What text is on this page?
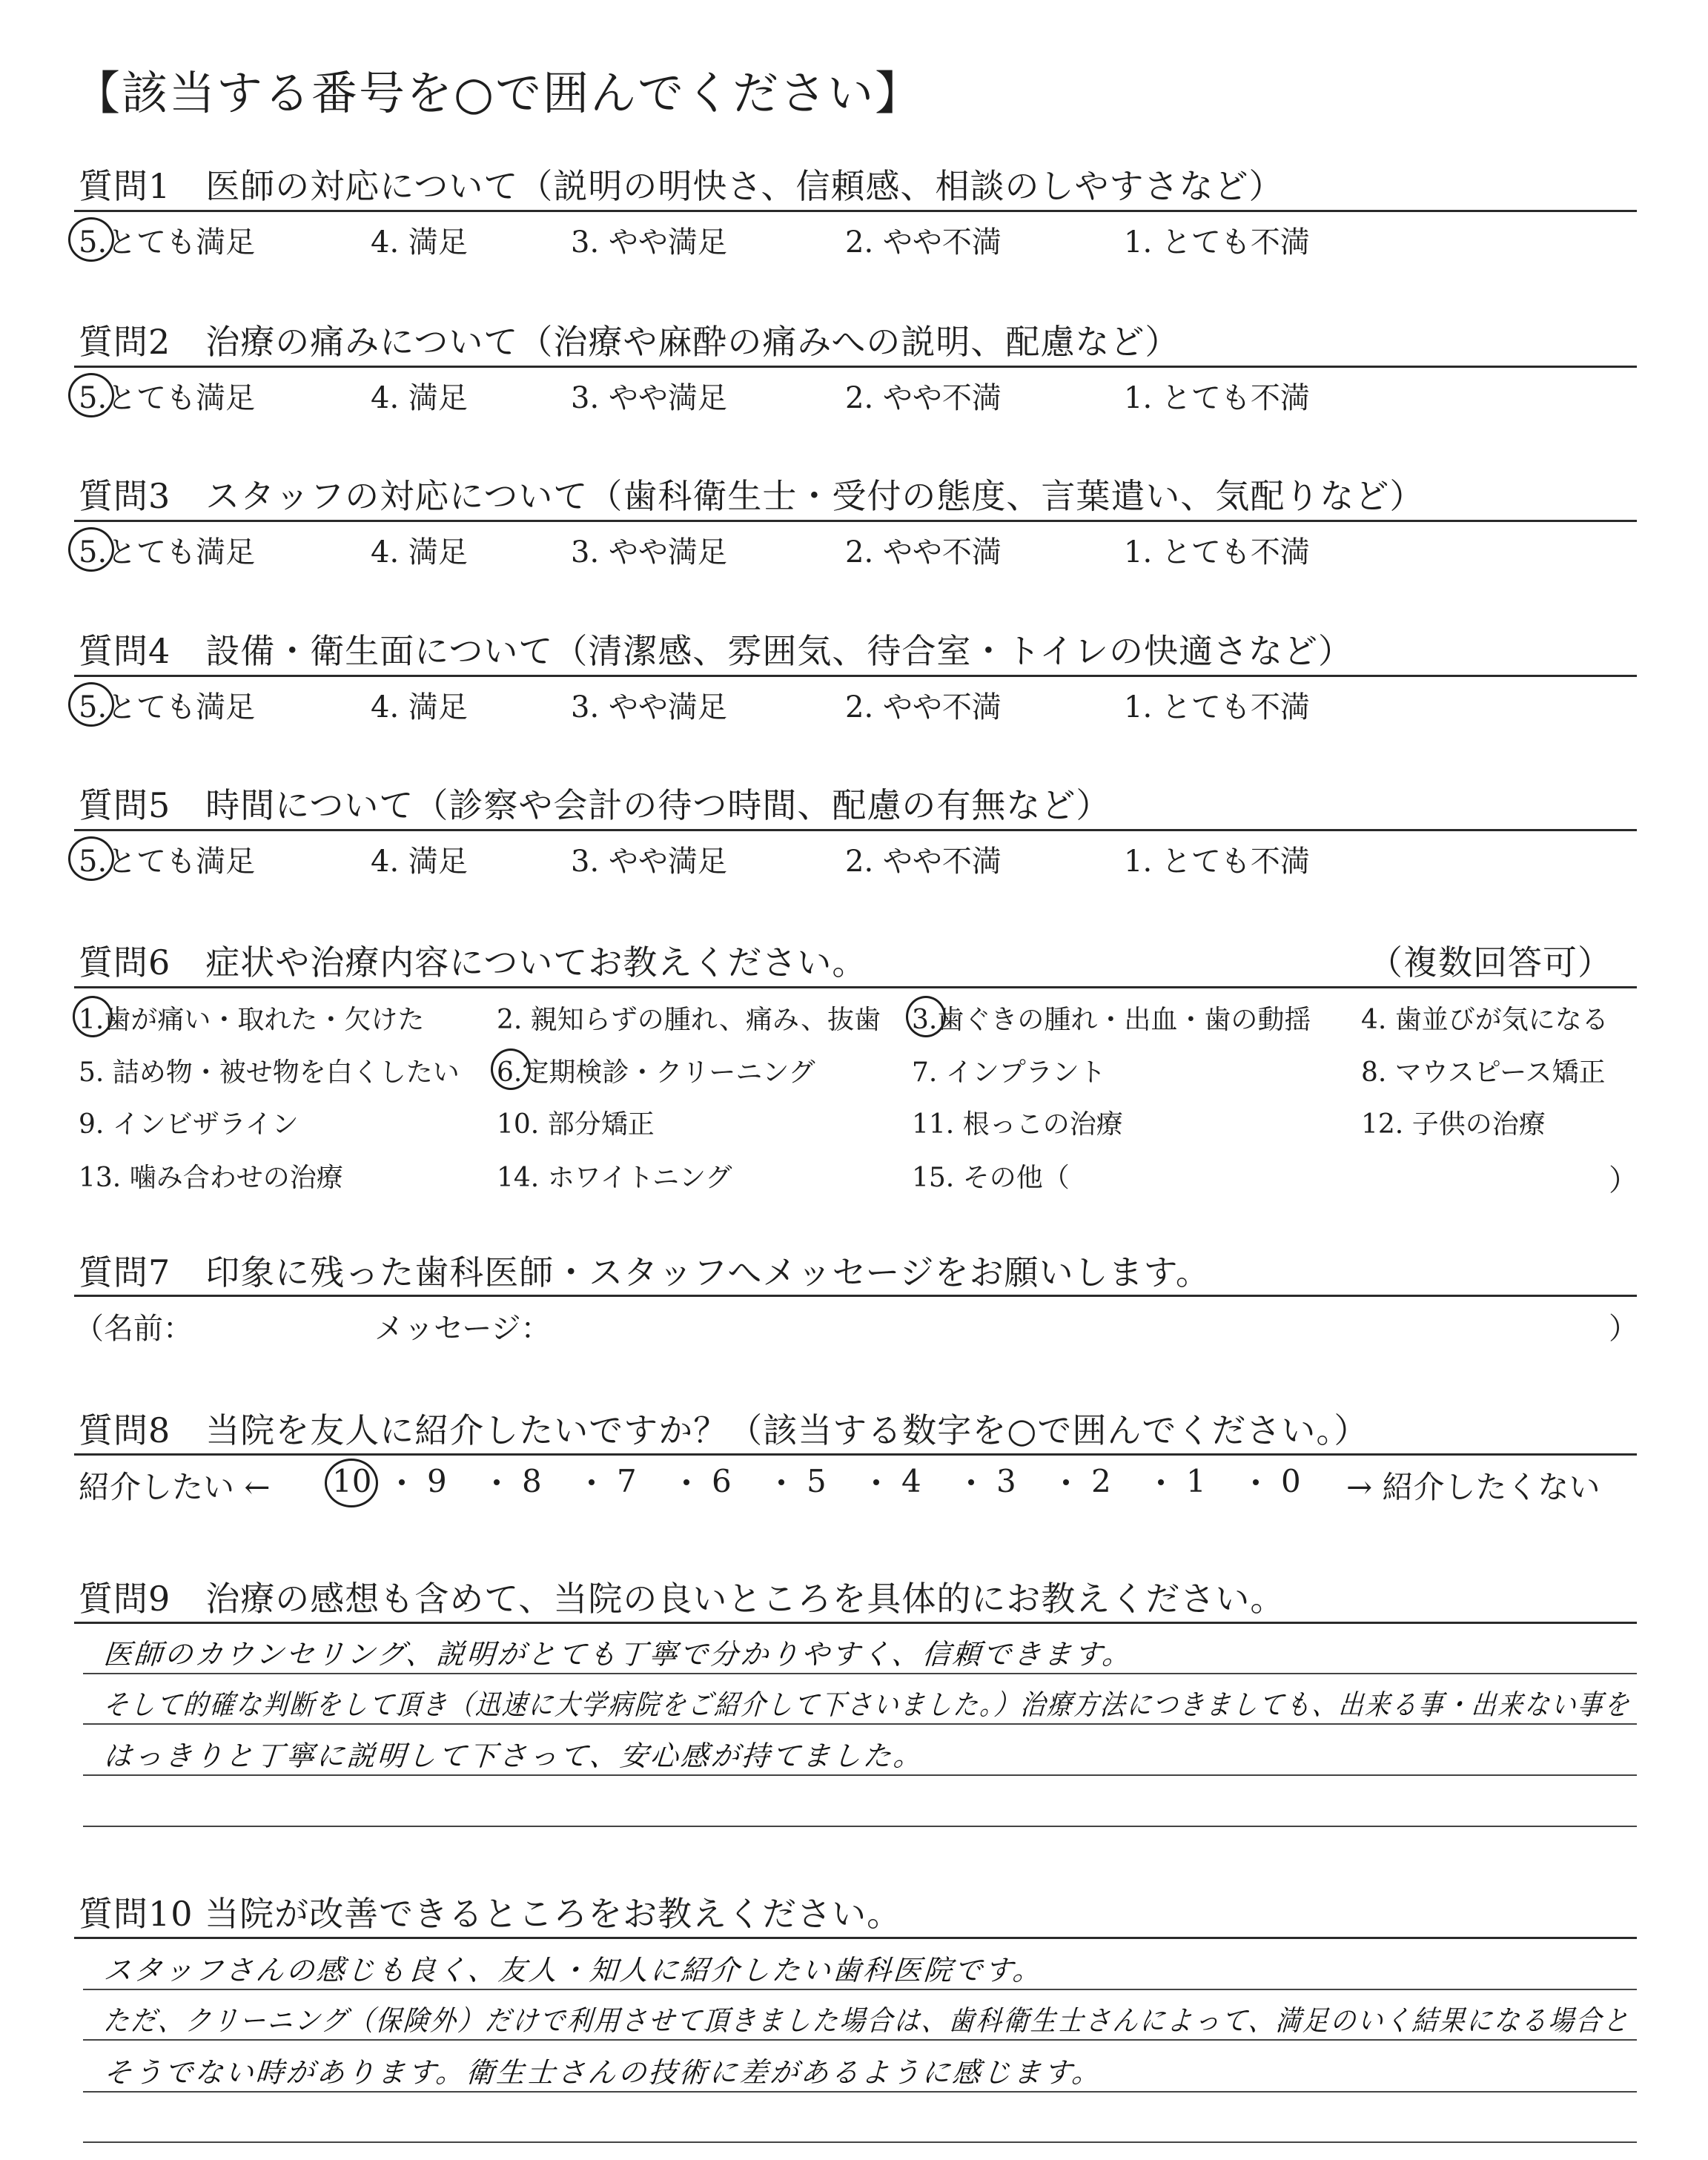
【該当する番号を○で囲んでください】
質問6　症状や治療内容についてお教えください。	（複数回答可）
）
質問7　印象に残った歯科医師・スタッフへメッセージをお願いします。
（名前：	メッセージ：	）
質問8　当院を友人に紹介したいですか？（該当する数字を○で囲んでください。）
紹介したい ←	→ 紹介したくない
質問9　治療の感想も含めて、当院の良いところを具体的にお教えください。
質問10 当院が改善できるところをお教えください。
質問1　医師の対応について（説明の明快さ、信頼感、相談のしやすさなど）
5.とても満足	4. 満足	3. やや満足	2. やや不満	1. とても不満
質問2　治療の痛みについて（治療や麻酔の痛みへの説明、配慮など）
5.とても満足	4. 満足	3. やや満足	2. やや不満	1. とても不満
質問3　スタッフの対応について（歯科衛生士・受付の態度、言葉遣い、気配りなど）
5.とても満足	4. 満足	3. やや満足	2. やや不満	1. とても不満
質問4　設備・衛生面について（清潔感、雰囲気、待合室・トイレの快適さなど）
5.とても満足	4. 満足	3. やや満足	2. やや不満	1. とても不満
質問5　時間について（診察や会計の待つ時間、配慮の有無など）
5.とても満足	4. 満足	3. やや満足	2. やや不満	1. とても不満
1.歯が痛い・取れた・欠けた	2. 親知らずの腫れ、痛み、抜歯 3.歯ぐきの腫れ・出血・歯の動揺 4. 歯並びが気になる
5. 詰め物・被せ物を白くしたい 6.定期検診・クリーニング	7. インプラント	8. マウスピース矯正
9. インビザライン	10. 部分矯正	11. 根っこの治療	12. 子供の治療
13. 噛み合わせの治療	14. ホワイトニング	15. その他（
10 9 8 7 6 5 4 3 2 1 0
医師のカウンセリング、説明がとても丁寧で分かりやすく、信頼できます。
そして的確な判断をして頂き（迅速に大学病院をご紹介して下さいました。）治療方法につきましても、出来る事・出来ない事を
はっきりと丁寧に説明して下さって、安心感が持てました。
スタッフさんの感じも良く、友人・知人に紹介したい歯科医院です。
ただ、クリーニング（保険外）だけで利用させて頂きました場合は、歯科衛生士さんによって、満足のいく結果になる場合と
そうでない時があります。衛生士さんの技術に差があるように感じます。
